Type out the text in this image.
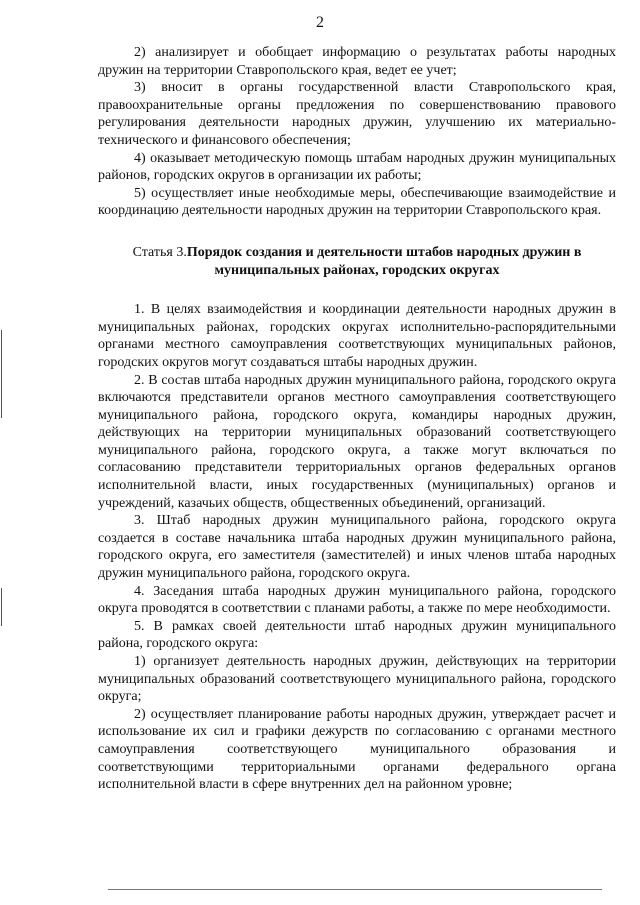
2

2) анализирует и обобщает информацию о результатах работы народных дружин на территории Ставропольского края, ведет ее учет;

3) вносит в органы государственной власти Ставропольского края, правоохранительные органы предложения по совершенствованию правового регулирования деятельности народных дружин, улучшению их материально-технического и финансового обеспечения;

4) оказывает методическую помощь штабам народных дружин муниципальных районов, городских округов в организации их работы;

5) осуществляет иные необходимые меры, обеспечивающие взаимодействие и координацию деятельности народных дружин на территории Ставропольского края.

Статья 3.Порядок создания и деятельности штабов народных дружин в муниципальных районах, городских округах

1. В целях взаимодействия и координации деятельности народных дружин в муниципальных районах, городских округах исполнительно-распорядительными органами местного самоуправления соответствующих муниципальных районов, городских округов могут создаваться штабы народных дружин.

2. В состав штаба народных дружин муниципального района, городского округа включаются представители органов местного самоуправления соответствующего муниципального района, городского округа, командиры народных дружин, действующих на территории муниципальных образований соответствующего муниципального района, городского округа, а также могут включаться по согласованию представители территориальных органов федеральных органов исполнительной власти, иных государственных (муниципальных) органов и учреждений, казачьих обществ, общественных объединений, организаций.

3. Штаб народных дружин муниципального района, городского округа создается в составе начальника штаба народных дружин муниципального района, городского округа, его заместителя (заместителей) и иных членов штаба народных дружин муниципального района, городского округа.

4. Заседания штаба народных дружин муниципального района, городского округа проводятся в соответствии с планами работы, а также по мере необходимости.

5. В рамках своей деятельности штаб народных дружин муниципального района, городского округа:

1) организует деятельность народных дружин, действующих на территории муниципальных образований соответствующего муниципального района, городского округа;

2) осуществляет планирование работы народных дружин, утверждает расчет и использование их сил и графики дежурств по согласованию с органами местного самоуправления соответствующего муниципального образования и соответствующими территориальными органами федерального органа исполнительной власти в сфере внутренних дел на районном уровне;
